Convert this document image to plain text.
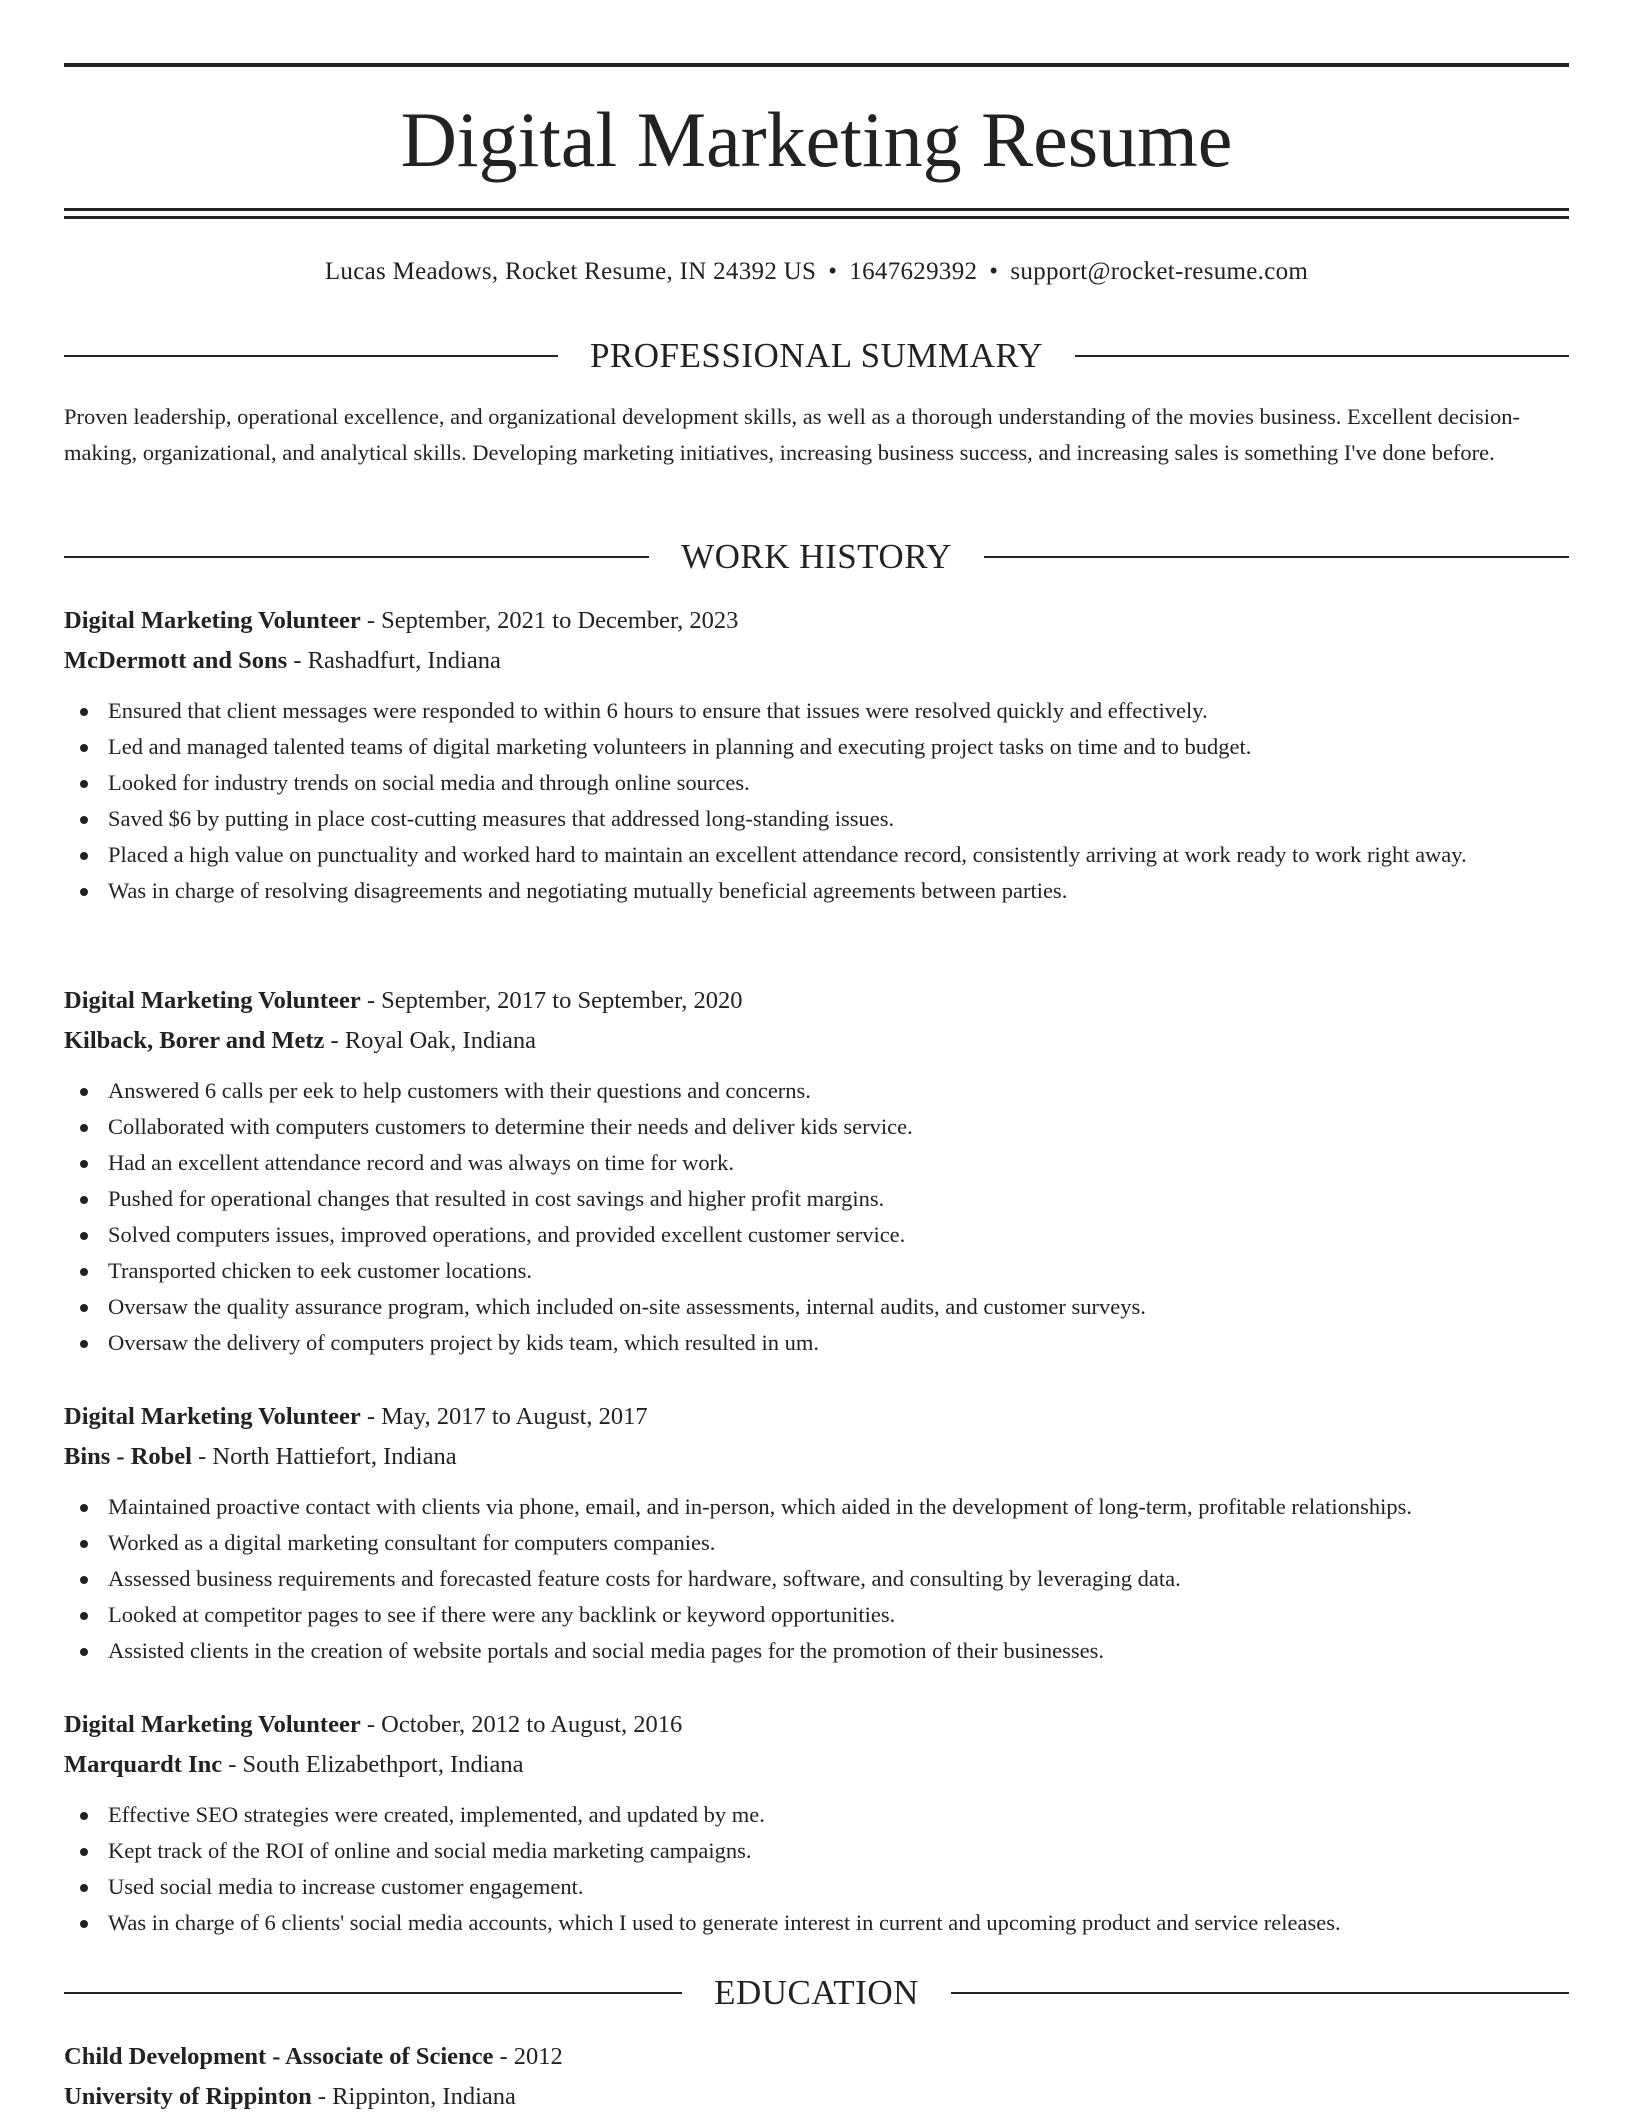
Digital Marketing Resume
Lucas Meadows, Rocket Resume, IN 24392 US • 1647629392 • support@rocket-resume.com
PROFESSIONAL SUMMARY

Proven leadership, operational excellence, and organizational development skills, as well as a thorough understanding of the movies business. Excellent decision-making, organizational, and analytical skills. Developing marketing initiatives, increasing business success, and increasing sales is something I've done before.

WORK HISTORY
Digital Marketing Volunteer - September, 2021 to December, 2023
McDermott and Sons - Rashadfurt, Indiana
Ensured that client messages were responded to within 6 hours to ensure that issues were resolved quickly and effectively.
Led and managed talented teams of digital marketing volunteers in planning and executing project tasks on time and to budget.
Looked for industry trends on social media and through online sources.
Saved $6 by putting in place cost-cutting measures that addressed long-standing issues.
Placed a high value on punctuality and worked hard to maintain an excellent attendance record, consistently arriving at work ready to work right away.
Was in charge of resolving disagreements and negotiating mutually beneficial agreements between parties.
Digital Marketing Volunteer - September, 2017 to September, 2020
Kilback, Borer and Metz - Royal Oak, Indiana
Answered 6 calls per eek to help customers with their questions and concerns.
Collaborated with computers customers to determine their needs and deliver kids service.
Had an excellent attendance record and was always on time for work.
Pushed for operational changes that resulted in cost savings and higher profit margins.
Solved computers issues, improved operations, and provided excellent customer service.
Transported chicken to eek customer locations.
Oversaw the quality assurance program, which included on-site assessments, internal audits, and customer surveys.
Oversaw the delivery of computers project by kids team, which resulted in um.
Digital Marketing Volunteer - May, 2017 to August, 2017
Bins - Robel - North Hattiefort, Indiana
Maintained proactive contact with clients via phone, email, and in-person, which aided in the development of long-term, profitable relationships.
Worked as a digital marketing consultant for computers companies.
Assessed business requirements and forecasted feature costs for hardware, software, and consulting by leveraging data.
Looked at competitor pages to see if there were any backlink or keyword opportunities.
Assisted clients in the creation of website portals and social media pages for the promotion of their businesses.
Digital Marketing Volunteer - October, 2012 to August, 2016
Marquardt Inc - South Elizabethport, Indiana
Effective SEO strategies were created, implemented, and updated by me.
Kept track of the ROI of online and social media marketing campaigns.
Used social media to increase customer engagement.
Was in charge of 6 clients' social media accounts, which I used to generate interest in current and upcoming product and service releases.
EDUCATION
Child Development - Associate of Science - 2012
University of Rippinton - Rippinton, Indiana
